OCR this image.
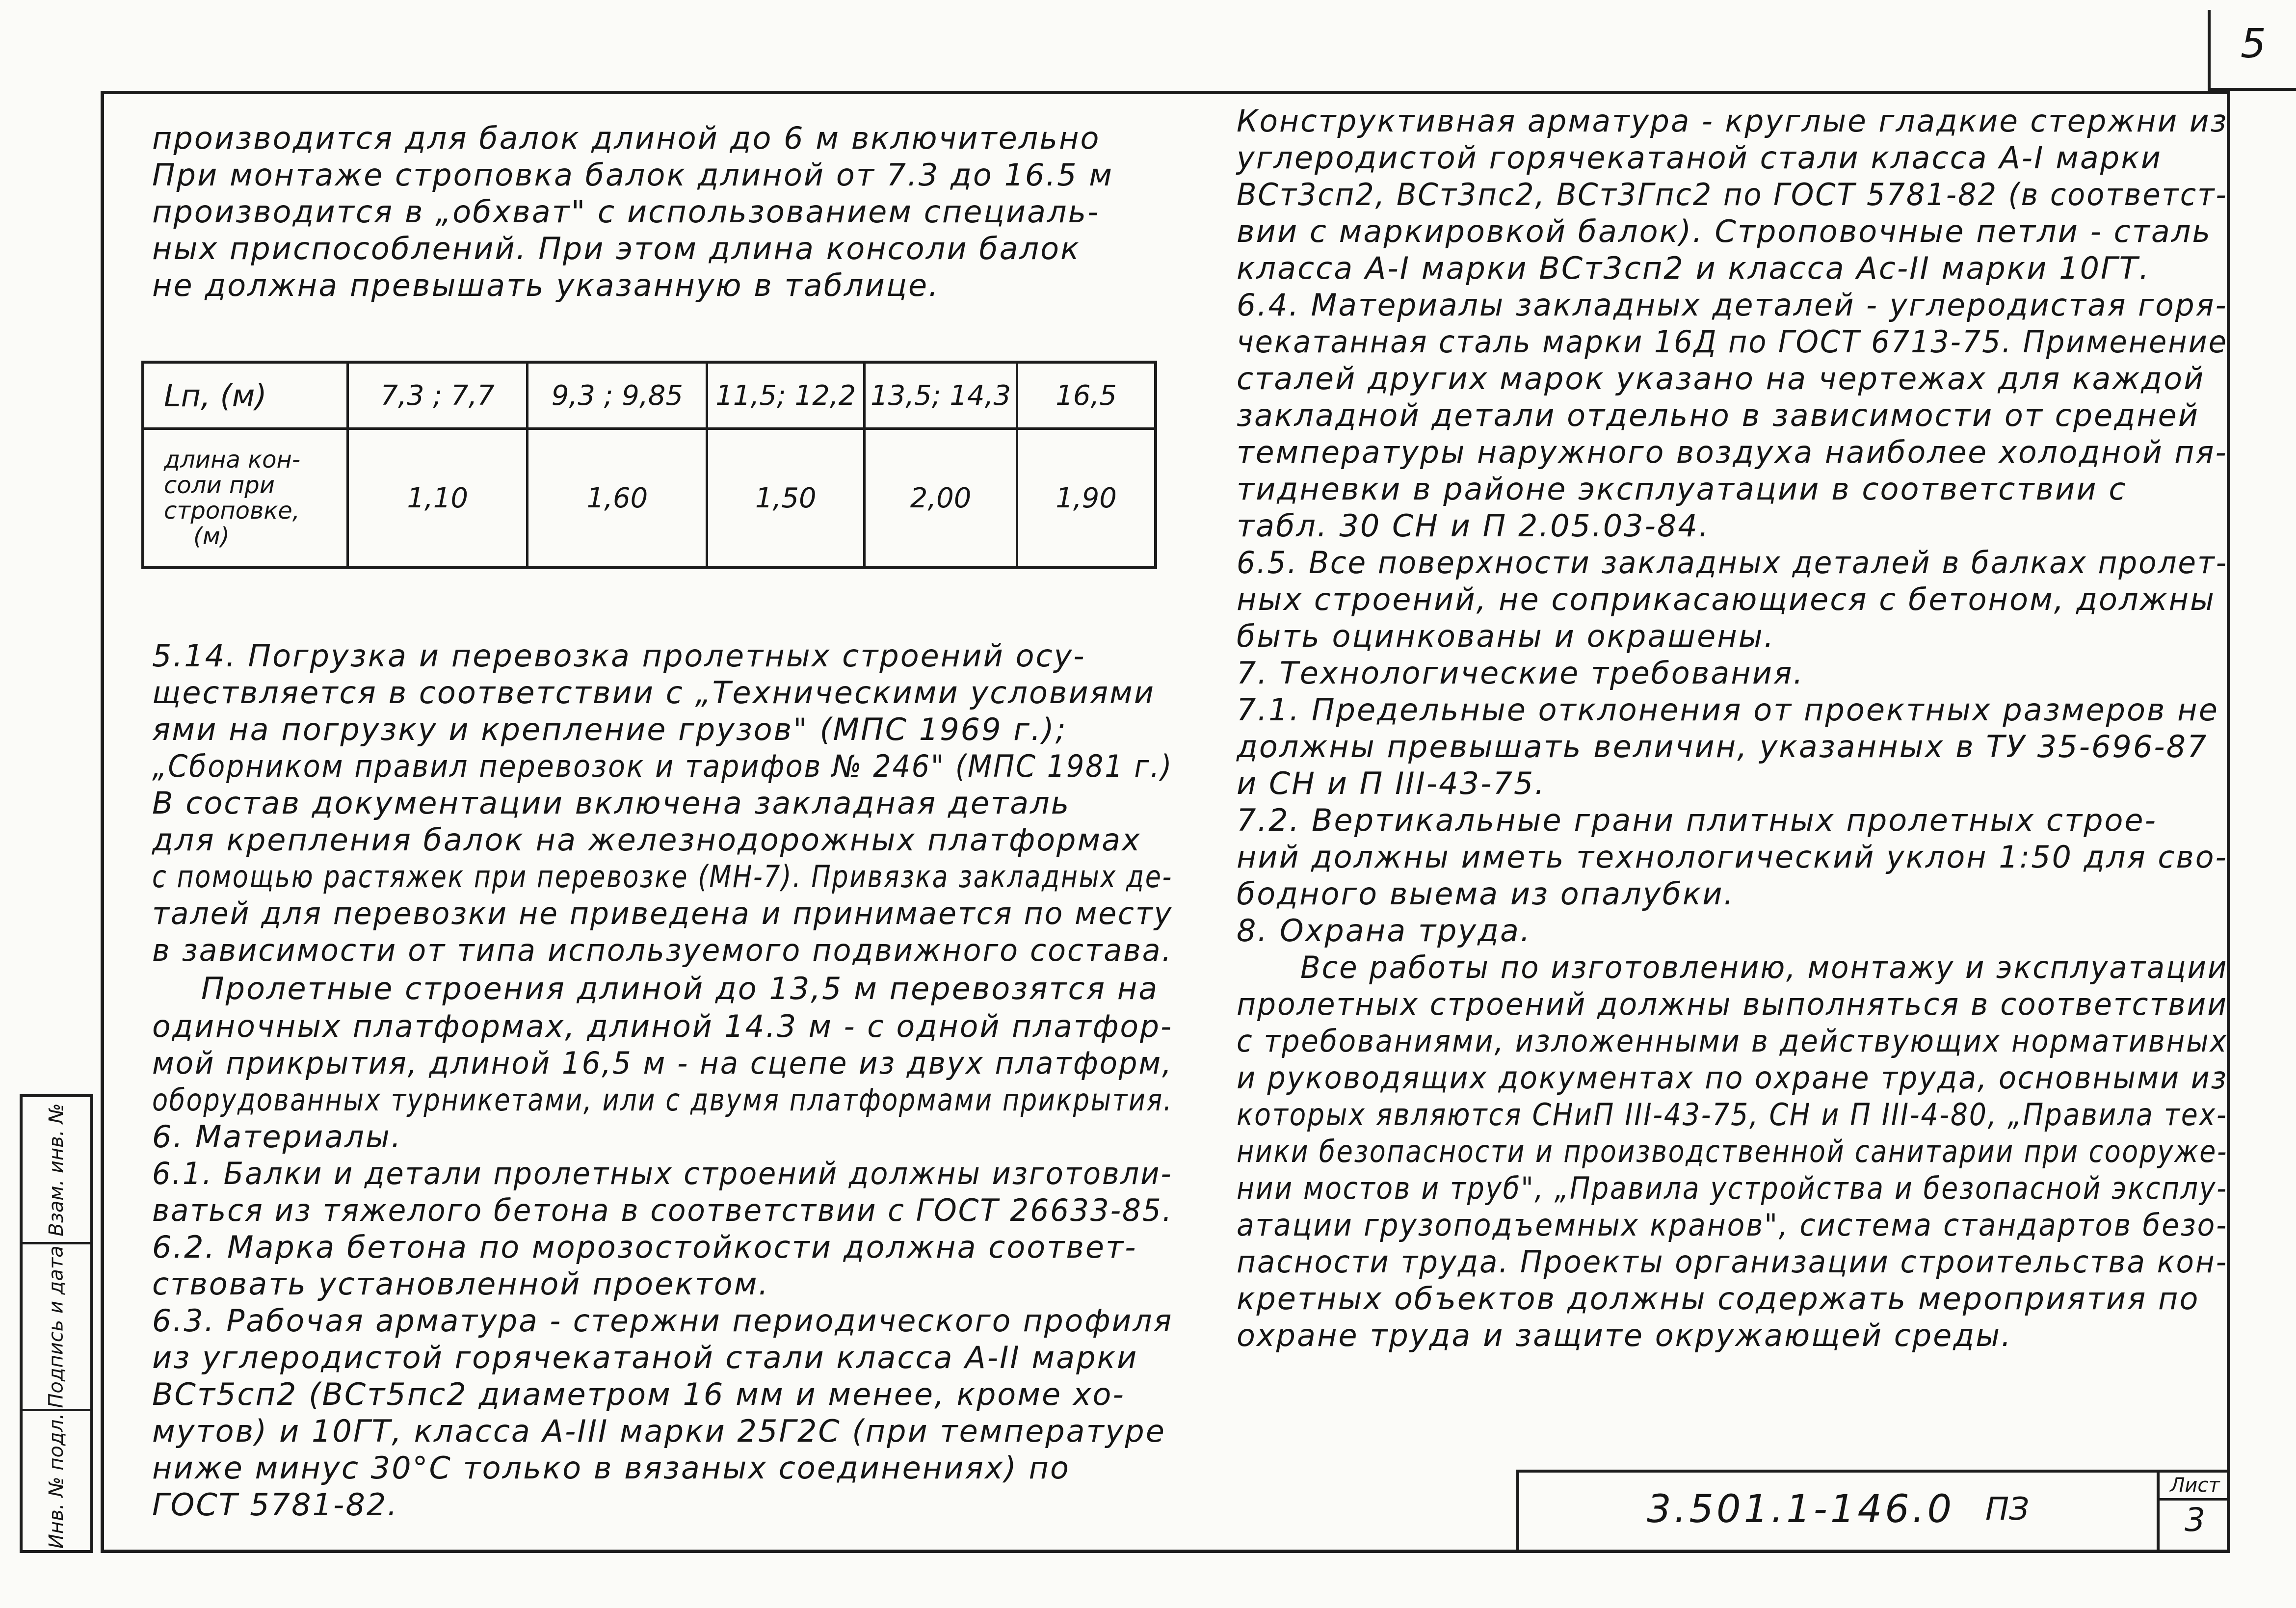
5
производится для балок длиной до 6 м включительно
При монтаже строповка балок длиной от 7.3 до 16.5 м
производится в „обхват" с использованием специаль-
ных приспособлений. При этом длина консоли балок
не должна превышать указанную в таблице.
Lп, (м)	7,3 ; 7,7	9,3 ; 9,85	11,5; 12,2	13,5; 14,3	16,5

длина кон-
соли при
строповке,
(м)	1,10	1,60	1,50	2,00	1,90
5.14. Погрузка и перевозка пролетных строений осу-
ществляется в соответствии с „Техническими условиями
ями на погрузку и крепление грузов" (МПС 1969 г.);
„Сборником правил перевозок и тарифов № 246" (МПС 1981 г.)
В состав документации включена закладная деталь
для крепления балок на железнодорожных платформах
с помощью растяжек при перевозке (МН-7). Привязка закладных де-
талей для перевозки не приведена и принимается по месту
в зависимости от типа используемого подвижного состава.
Пролетные строения длиной до 13,5 м перевозятся на
одиночных платформах, длиной 14.3 м - с одной платфор-
мой прикрытия, длиной 16,5 м - на сцепе из двух платформ,
оборудованных турникетами, или с двумя платформами прикрытия.
6. Материалы.
6.1. Балки и детали пролетных строений должны изготовли-
ваться из тяжелого бетона в соответствии с ГОСТ 26633-85.
6.2. Марка бетона по морозостойкости должна соответ-
ствовать установленной проектом.
6.3. Рабочая арматура - стержни периодического профиля
из углеродистой горячекатаной стали класса А-II марки
ВСт5сп2 (ВСт5пс2 диаметром 16 мм и менее, кроме хо-
мутов) и 10ГТ, класса А-III марки 25Г2С (при температуре
ниже минус 30°С только в вязаных соединениях) по
ГОСТ 5781-82.
Конструктивная арматура - круглые гладкие стержни из
углеродистой горячекатаной стали класса А-I марки
ВСт3сп2, ВСт3пс2, ВСт3Гпс2 по ГОСТ 5781-82 (в соответст-
вии с маркировкой балок). Строповочные петли - сталь
класса А-I марки ВСт3сп2 и класса Ас-II марки 10ГТ.
6.4. Материалы закладных деталей - углеродистая горя-
чекатанная сталь марки 16Д по ГОСТ 6713-75. Применение
сталей других марок указано на чертежах для каждой
закладной детали отдельно в зависимости от средней
температуры наружного воздуха наиболее холодной пя-
тидневки в районе эксплуатации в соответствии с
табл. 30 СН и П 2.05.03-84.
6.5. Все поверхности закладных деталей в балках пролет-
ных строений, не соприкасающиеся с бетоном, должны
быть оцинкованы и окрашены.
7. Технологические требования.
7.1. Предельные отклонения от проектных размеров не
должны превышать величин, указанных в ТУ 35-696-87
и СН и П III-43-75.
7.2. Вертикальные грани плитных пролетных строе-
ний должны иметь технологический уклон 1:50 для сво-
бодного выема из опалубки.
8. Охрана труда.
Все работы по изготовлению, монтажу и эксплуатации
пролетных строений должны выполняться в соответствии
с требованиями, изложенными в действующих нормативных
и руководящих документах по охране труда, основными из
которых являются СНиП III-43-75, СН и П III-4-80, „Правила тех-
ники безопасности и производственной санитарии при сооруже-
нии мостов и труб", „Правила устройства и безопасной эксплу-
атации грузоподъемных кранов", система стандартов безо-
пасности труда. Проекты организации строительства кон-
кретных объектов должны содержать мероприятия по
охране труда и защите окружающей среды.
Взам. инв. №
Подпись и дата
Инв. № подл.	3.501.1-146.0 ПЗ
Лист
3
